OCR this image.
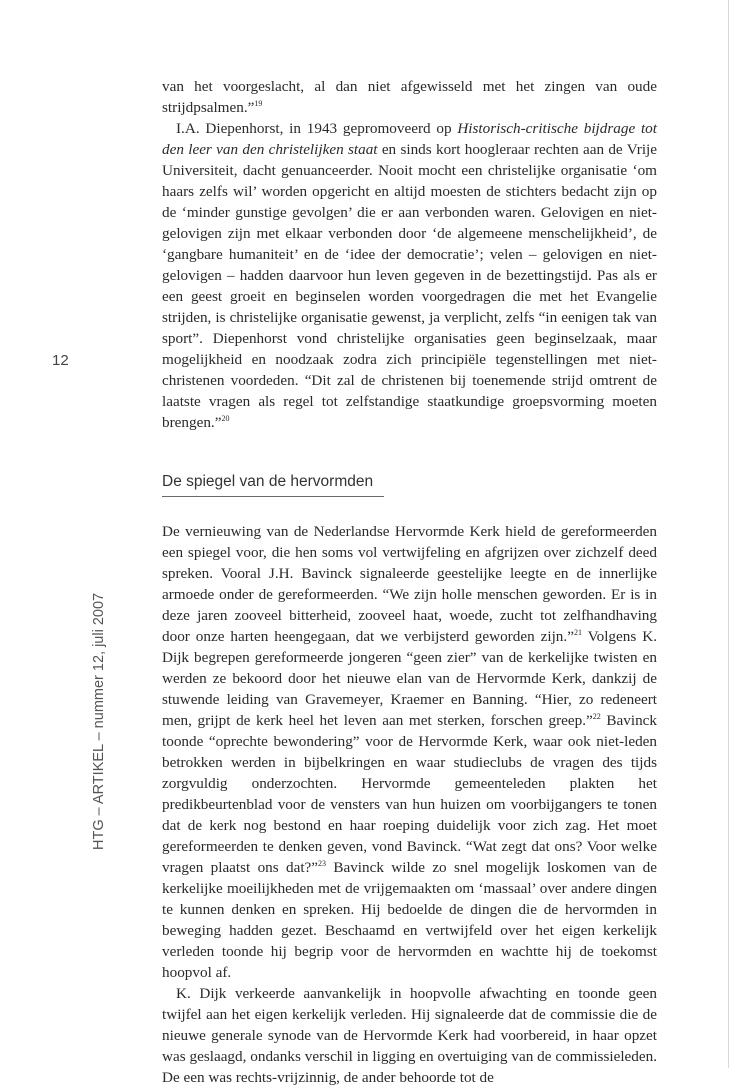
12
HTG – ARTIKEL – nummer 12, juli 2007

van het voorgeslacht, al dan niet afgewisseld met het zingen van oude strijdpsalmen.”$^{19}$

I.A. Diepenhorst, in 1943 gepromoveerd op Historisch-critische bijdrage tot den leer van den christelijken staat en sinds kort hoogleraar rechten aan de Vrije Universiteit, dacht genuanceerder. Nooit mocht een christelijke organisatie ‘om haars zelfs wil’ worden opgericht en altijd moesten de stichters bedacht zijn op de ‘minder gunstige gevolgen’ die er aan verbonden waren. Gelovigen en niet-gelovigen zijn met elkaar verbonden door ‘de algemeene menschelijkheid’, de ‘gangbare humaniteit’ en de ‘idee der democratie’; velen – gelovigen en niet-gelovigen – hadden daarvoor hun leven gegeven in de bezettingstijd. Pas als er een geest groeit en beginselen worden voorgedragen die met het Evangelie strijden, is christelijke organisatie gewenst, ja verplicht, zelfs “in eenigen tak van sport”. Diepenhorst vond christelijke organisaties geen beginselzaak, maar mogelijkheid en noodzaak zodra zich principiële tegenstellingen met niet-christenen voordeden. “Dit zal de christenen bij toenemende strijd omtrent de laatste vragen als regel tot zelfstandige staatkundige groepsvorming moeten brengen.”$^{20}$

De spiegel van de hervormden

De vernieuwing van de Nederlandse Hervormde Kerk hield de gereformeerden een spiegel voor, die hen soms vol vertwijfeling en afgrijzen over zichzelf deed spreken. Vooral J.H. Bavinck signaleerde geestelijke leegte en de innerlijke armoede onder de gereformeerden. “We zijn holle menschen geworden. Er is in deze jaren zooveel bitterheid, zooveel haat, woede, zucht tot zelfhandhaving door onze harten heengegaan, dat we verbijsterd geworden zijn.”$^{21}$ Volgens K. Dijk begrepen gereformeerde jongeren “geen zier” van de kerkelijke twisten en werden ze bekoord door het nieuwe elan van de Hervormde Kerk, dankzij de stuwende leiding van Gravemeyer, Kraemer en Banning. “Hier, zo redeneert men, grijpt de kerk heel het leven aan met sterken, forschen greep.”$^{22}$ Bavinck toonde “oprechte bewondering” voor de Hervormde Kerk, waar ook niet-leden betrokken werden in bijbelkringen en waar studieclubs de vragen des tijds zorgvuldig onderzochten. Hervormde gemeenteleden plakten het predikbeurtenblad voor de vensters van hun huizen om voorbijgangers te tonen dat de kerk nog bestond en haar roeping duidelijk voor zich zag. Het moet gereformeerden te denken geven, vond Bavinck. “Wat zegt dat ons? Voor welke vragen plaatst ons dat?”$^{23}$ Bavinck wilde zo snel mogelijk loskomen van de kerkelijke moeilijkheden met de vrijgemaakten om ‘massaal’ over andere dingen te kunnen denken en spreken. Hij bedoelde de dingen die de hervormden in beweging hadden gezet. Beschaamd en vertwijfeld over het eigen kerkelijk verleden toonde hij begrip voor de hervormden en wachtte hij de toekomst hoopvol af.

K. Dijk verkeerde aanvankelijk in hoopvolle afwachting en toonde geen twijfel aan het eigen kerkelijk verleden. Hij signaleerde dat de commissie die de nieuwe generale synode van de Hervormde Kerk had voorbereid, in haar opzet was geslaagd, ondanks verschil in ligging en overtuiging van de commissieleden. De een was rechts-vrijzinnig, de ander behoorde tot de
